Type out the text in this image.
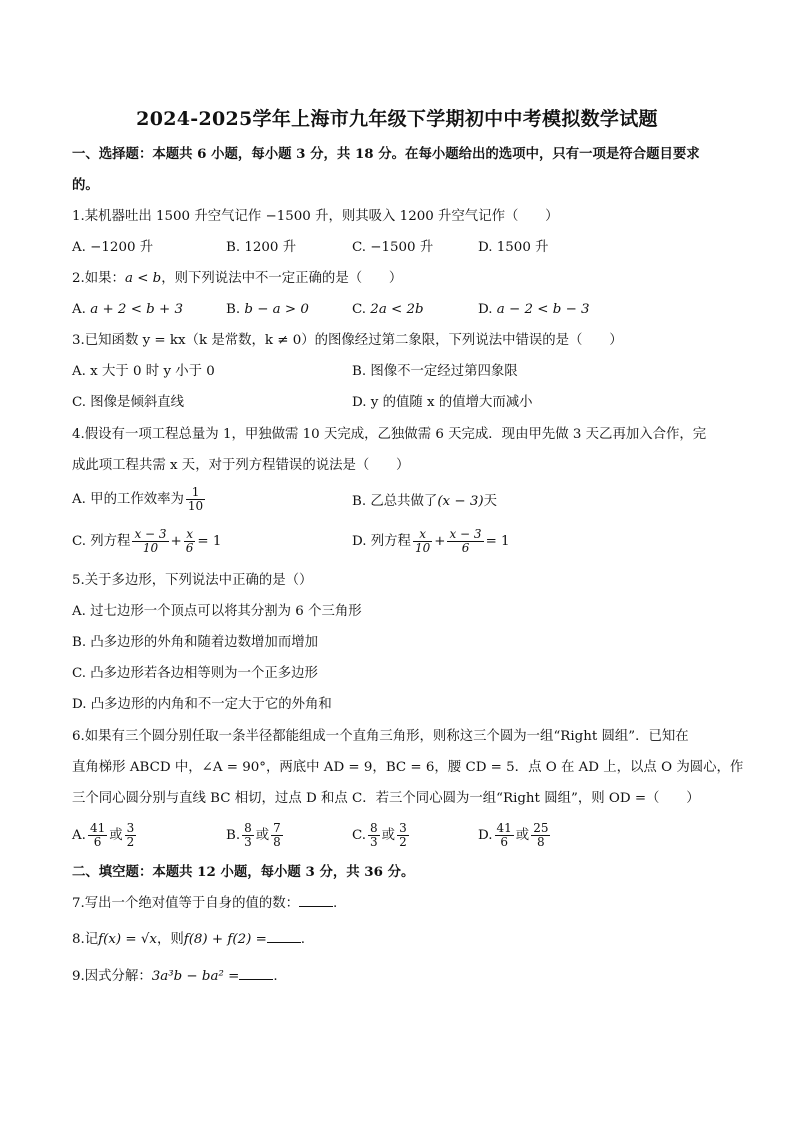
2024-2025学年上海市九年级下学期初中中考模拟数学试题
一、选择题：本题共 6 小题，每小题 3 分，共 18 分。在每小题给出的选项中，只有一项是符合题目要求
的。
1.某机器吐出 1500 升空气记作 −1500 升，则其吸入 1200 升空气记作（　　）
A. −1200 升	B. 1200 升	C. −1500 升	D. 1500 升
2.如果：a < b，则下列说法中不一定正确的是（　　）
A. a + 2 < b + 3	B. b − a > 0	C. 2a < 2b	D. a − 2 < b − 3
3.已知函数 y = kx（k 是常数，k ≠ 0）的图像经过第二象限，下列说法中错误的是（　　）
A. x 大于 0 时 y 小于 0	B. 图像不一定经过第四象限
C. 图像是倾斜直线	D. y 的值随 x 的值增大而减小
4.假设有一项工程总量为 1，甲独做需 10 天完成，乙独做需 6 天完成．现由甲先做 3 天乙再加入合作，完
成此项工程共需 x 天，对于列方程错误的说法是（　　）
A. 甲的工作效率为 $\frac{1}{10}$	B. 乙总共做了(x − 3)天
C. 列方程 $\frac{x - 3}{10} + \frac{x}{6} = 1$	D. 列方程 $\frac{x}{10} + \frac{x - 3}{6} = 1$
5.关于多边形，下列说法中正确的是（）
A. 过七边形一个顶点可以将其分割为 6 个三角形
B. 凸多边形的外角和随着边数增加而增加
C. 凸多边形若各边相等则为一个正多边形
D. 凸多边形的内角和不一定大于它的外角和
6.如果有三个圆分别任取一条半径都能组成一个直角三角形，则称这三个圆为一组“Right 圆组”．已知在
直角梯形 ABCD 中，∠A = 90°，两底中 AD = 9，BC = 6，腰 CD = 5．点 O 在 AD 上，以点 O 为圆心，作
三个同心圆分别与直线 BC 相切，过点 D 和点 C．若三个同心圆为一组“Right 圆组”，则 OD =（　　）
A. $\frac{41}{6}$ 或 $\frac{3}{2}$	B. $\frac{8}{3}$ 或 $\frac{7}{8}$	C. $\frac{8}{3}$ 或 $\frac{3}{2}$	D. $\frac{41}{6}$ 或 $\frac{25}{8}$
二、填空题：本题共 12 小题，每小题 3 分，共 36 分。
7.写出一个绝对值等于自身的值的数：	.
8.记f(x) = √x，则f(8) + f(2) =	.
9.因式分解：3a³b − ba² =	.
